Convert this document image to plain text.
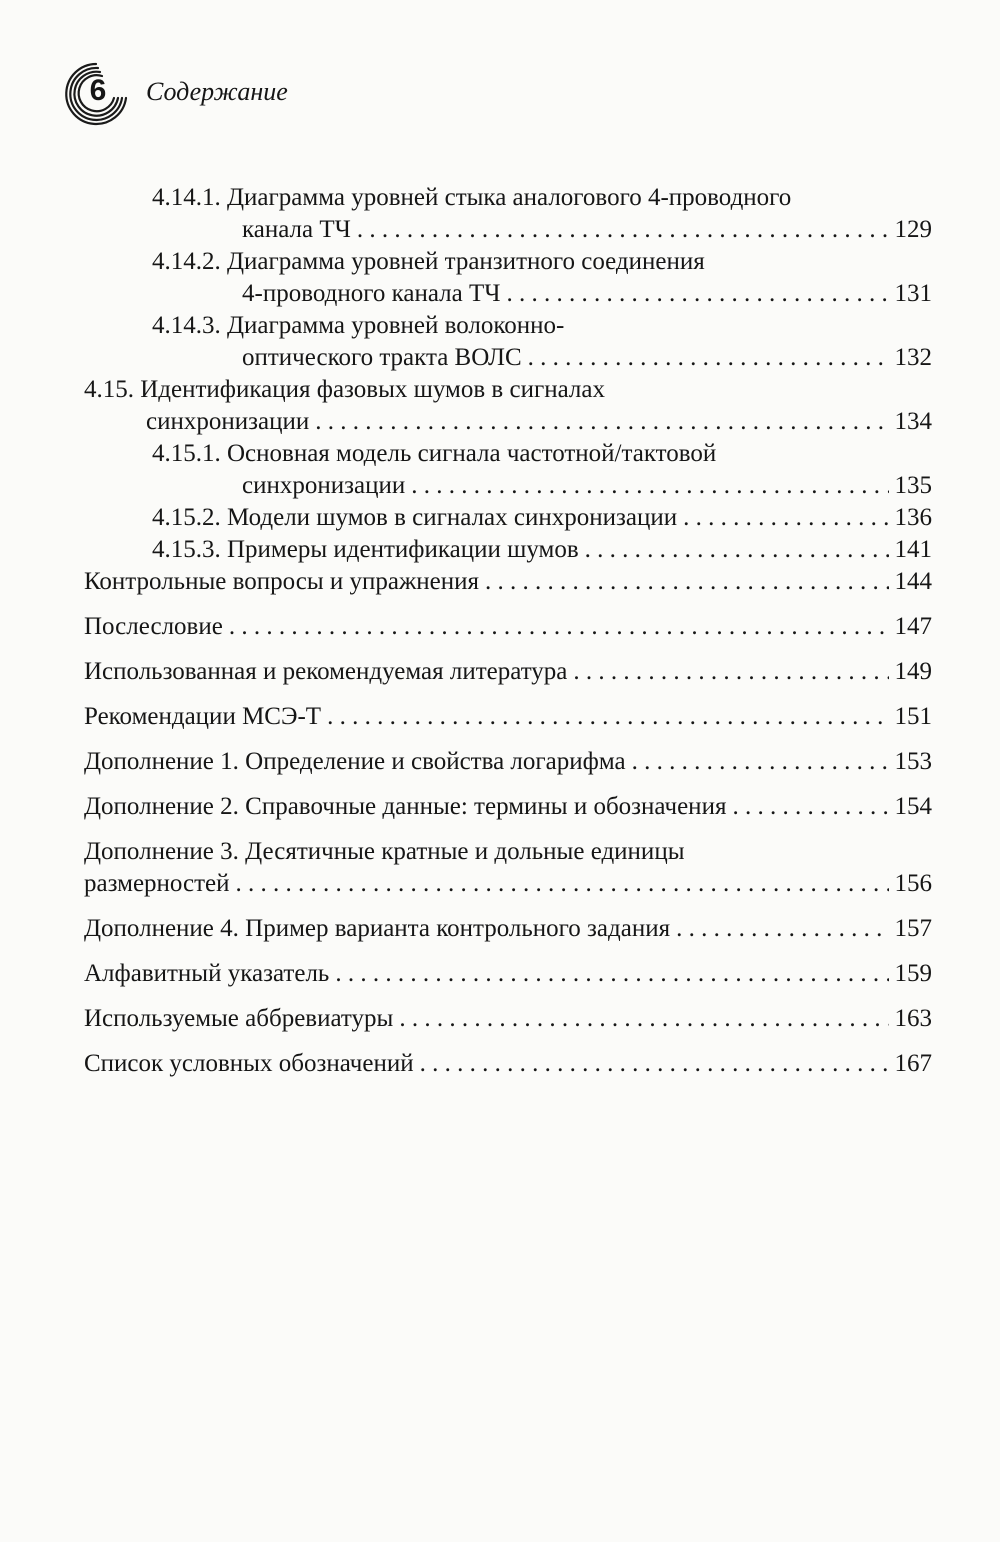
6	Содержание
4.14.1. Диаграмма уровней стыка аналогового 4-проводного
канала ТЧ . . .	129
4.14.2. Диаграмма уровней транзитного соединения
4-проводного канала ТЧ . . .	131
4.14.3. Диаграмма уровней волоконно-
оптического тракта ВОЛС . . .	132
4.15. Идентификация фазовых шумов в сигналах
синхронизации . . .	134
4.15.1. Основная модель сигнала частотной/тактовой
синхронизации . . .	135
4.15.2. Модели шумов в сигналах синхронизации . . .	136
4.15.3. Примеры идентификации шумов . . .	141
Контрольные вопросы и упражнения . . .	144
Послесловие . . .	147
Использованная и рекомендуемая литература . . .	149
Рекомендации МСЭ-Т . . .	151
Дополнение 1. Определение и свойства логарифма . . .	153
Дополнение 2. Справочные данные: термины и обозначения . . .	154
Дополнение 3. Десятичные кратные и дольные единицы
размерностей . . .	156
Дополнение 4. Пример варианта контрольного задания . . .	157
Алфавитный указатель . . .	159
Используемые аббревиатуры . . .	163
Список условных обозначений . . .	167
